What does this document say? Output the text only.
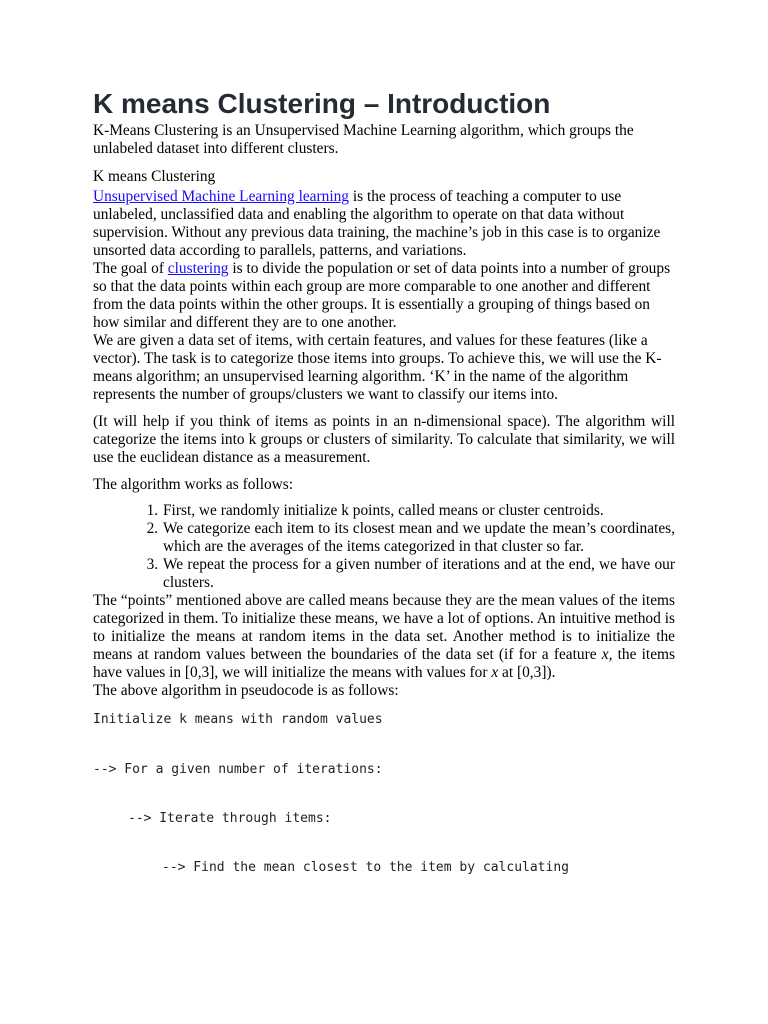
K means Clustering – Introduction

K-Means Clustering is an Unsupervised Machine Learning algorithm, which groups the unlabeled dataset into different clusters.

K means Clustering

Unsupervised Machine Learning learning is the process of teaching a computer to use unlabeled, unclassified data and enabling the algorithm to operate on that data without supervision. Without any previous data training, the machine’s job in this case is to organize unsorted data according to parallels, patterns, and variations.

The goal of clustering is to divide the population or set of data points into a number of groups so that the data points within each group are more comparable to one another and different from the data points within the other groups. It is essentially a grouping of things based on how similar and different they are to one another.

We are given a data set of items, with certain features, and values for these features (like a vector). The task is to categorize those items into groups. To achieve this, we will use the K-means algorithm; an unsupervised learning algorithm. ‘K’ in the name of the algorithm represents the number of groups/clusters we want to classify our items into.

(It will help if you think of items as points in an n-dimensional space). The algorithm will categorize the items into k groups or clusters of similarity. To calculate that similarity, we will use the euclidean distance as a measurement.

The algorithm works as follows:

1. First, we randomly initialize k points, called means or cluster centroids.
2. We categorize each item to its closest mean and we update the mean’s coordinates, which are the averages of the items categorized in that cluster so far.
3. We repeat the process for a given number of iterations and at the end, we have our clusters.

The “points” mentioned above are called means because they are the mean values of the items categorized in them. To initialize these means, we have a lot of options. An intuitive method is to initialize the means at random items in the data set. Another method is to initialize the means at random values between the boundaries of the data set (if for a feature x, the items have values in [0,3], we will initialize the means with values for x at [0,3]).

The above algorithm in pseudocode is as follows:

Initialize k means with random values
--> For a given number of iterations:
--> Iterate through items:
--> Find the mean closest to the item by calculating
